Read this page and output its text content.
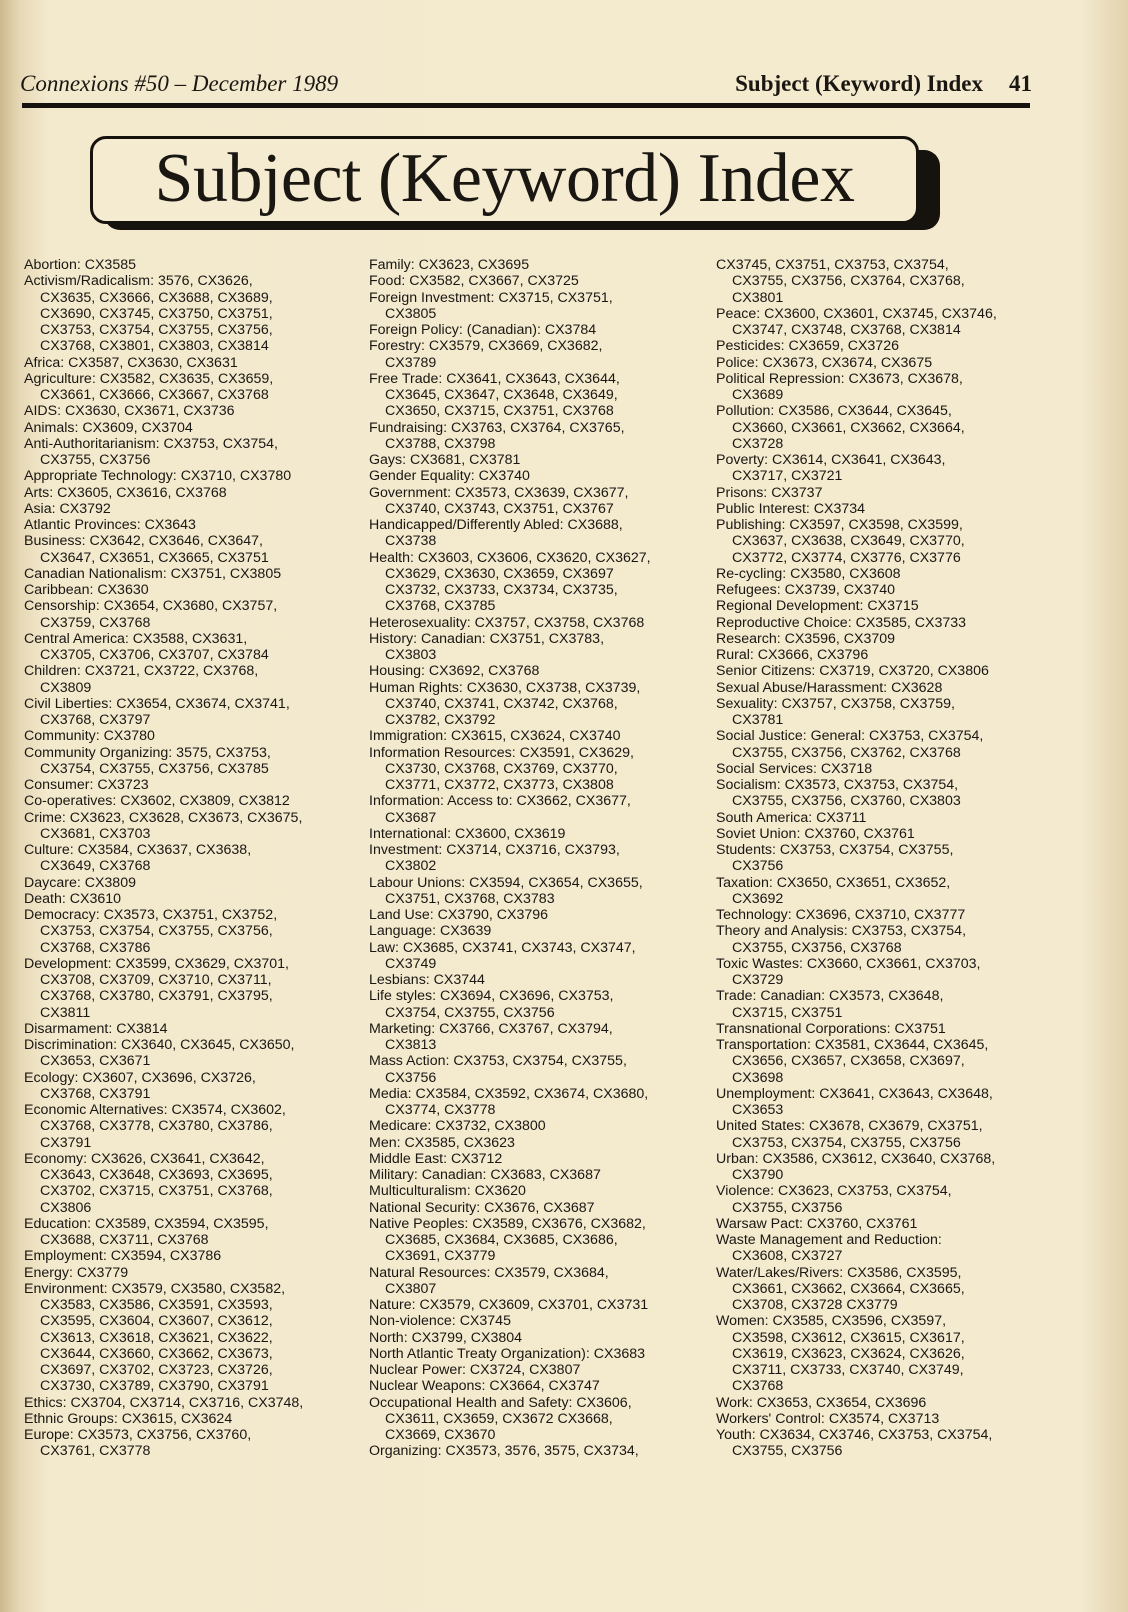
Connexions #50 – December 1989	Subject (Keyword) Index 41
Subject (Keyword) Index
Abortion: CX3585
Activism/Radicalism: 3576, CX3626,
CX3635, CX3666, CX3688, CX3689,
CX3690, CX3745, CX3750, CX3751,
CX3753, CX3754, CX3755, CX3756,
CX3768, CX3801, CX3803, CX3814
Africa: CX3587, CX3630, CX3631
Agriculture: CX3582, CX3635, CX3659,
CX3661, CX3666, CX3667, CX3768
AIDS: CX3630, CX3671, CX3736
Animals: CX3609, CX3704
Anti-Authoritarianism: CX3753, CX3754,
CX3755, CX3756
Appropriate Technology: CX3710, CX3780
Arts: CX3605, CX3616, CX3768
Asia: CX3792
Atlantic Provinces: CX3643
Business: CX3642, CX3646, CX3647,
CX3647, CX3651, CX3665, CX3751
Canadian Nationalism: CX3751, CX3805
Caribbean: CX3630
Censorship: CX3654, CX3680, CX3757,
CX3759, CX3768
Central America: CX3588, CX3631,
CX3705, CX3706, CX3707, CX3784
Children: CX3721, CX3722, CX3768,
CX3809
Civil Liberties: CX3654, CX3674, CX3741,
CX3768, CX3797
Community: CX3780
Community Organizing: 3575, CX3753,
CX3754, CX3755, CX3756, CX3785
Consumer: CX3723
Co-operatives: CX3602, CX3809, CX3812
Crime: CX3623, CX3628, CX3673, CX3675,
CX3681, CX3703
Culture: CX3584, CX3637, CX3638,
CX3649, CX3768
Daycare: CX3809
Death: CX3610
Democracy: CX3573, CX3751, CX3752,
CX3753, CX3754, CX3755, CX3756,
CX3768, CX3786
Development: CX3599, CX3629, CX3701,
CX3708, CX3709, CX3710, CX3711,
CX3768, CX3780, CX3791, CX3795,
CX3811
Disarmament: CX3814
Discrimination: CX3640, CX3645, CX3650,
CX3653, CX3671
Ecology: CX3607, CX3696, CX3726,
CX3768, CX3791
Economic Alternatives: CX3574, CX3602,
CX3768, CX3778, CX3780, CX3786,
CX3791
Economy: CX3626, CX3641, CX3642,
CX3643, CX3648, CX3693, CX3695,
CX3702, CX3715, CX3751, CX3768,
CX3806
Education: CX3589, CX3594, CX3595,
CX3688, CX3711, CX3768
Employment: CX3594, CX3786
Energy: CX3779
Environment: CX3579, CX3580, CX3582,
CX3583, CX3586, CX3591, CX3593,
CX3595, CX3604, CX3607, CX3612,
CX3613, CX3618, CX3621, CX3622,
CX3644, CX3660, CX3662, CX3673,
CX3697, CX3702, CX3723, CX3726,
CX3730, CX3789, CX3790, CX3791
Ethics: CX3704, CX3714, CX3716, CX3748,
Ethnic Groups: CX3615, CX3624
Europe: CX3573, CX3756, CX3760,
CX3761, CX3778
Family: CX3623, CX3695
Food: CX3582, CX3667, CX3725
Foreign Investment: CX3715, CX3751,
CX3805
Foreign Policy: (Canadian): CX3784
Forestry: CX3579, CX3669, CX3682,
CX3789
Free Trade: CX3641, CX3643, CX3644,
CX3645, CX3647, CX3648, CX3649,
CX3650, CX3715, CX3751, CX3768
Fundraising: CX3763, CX3764, CX3765,
CX3788, CX3798
Gays: CX3681, CX3781
Gender Equality: CX3740
Government: CX3573, CX3639, CX3677,
CX3740, CX3743, CX3751, CX3767
Handicapped/Differently Abled: CX3688,
CX3738
Health: CX3603, CX3606, CX3620, CX3627,
CX3629, CX3630, CX3659, CX3697
CX3732, CX3733, CX3734, CX3735,
CX3768, CX3785
Heterosexuality: CX3757, CX3758, CX3768
History: Canadian: CX3751, CX3783,
CX3803
Housing: CX3692, CX3768
Human Rights: CX3630, CX3738, CX3739,
CX3740, CX3741, CX3742, CX3768,
CX3782, CX3792
Immigration: CX3615, CX3624, CX3740
Information Resources: CX3591, CX3629,
CX3730, CX3768, CX3769, CX3770,
CX3771, CX3772, CX3773, CX3808
Information: Access to: CX3662, CX3677,
CX3687
International: CX3600, CX3619
Investment: CX3714, CX3716, CX3793,
CX3802
Labour Unions: CX3594, CX3654, CX3655,
CX3751, CX3768, CX3783
Land Use: CX3790, CX3796
Language: CX3639
Law: CX3685, CX3741, CX3743, CX3747,
CX3749
Lesbians: CX3744
Life styles: CX3694, CX3696, CX3753,
CX3754, CX3755, CX3756
Marketing: CX3766, CX3767, CX3794,
CX3813
Mass Action: CX3753, CX3754, CX3755,
CX3756
Media: CX3584, CX3592, CX3674, CX3680,
CX3774, CX3778
Medicare: CX3732, CX3800
Men: CX3585, CX3623
Middle East: CX3712
Military: Canadian: CX3683, CX3687
Multiculturalism: CX3620
National Security: CX3676, CX3687
Native Peoples: CX3589, CX3676, CX3682,
CX3685, CX3684, CX3685, CX3686,
CX3691, CX3779
Natural Resources: CX3579, CX3684,
CX3807
Nature: CX3579, CX3609, CX3701, CX3731
Non-violence: CX3745
North: CX3799, CX3804
North Atlantic Treaty Organization): CX3683
Nuclear Power: CX3724, CX3807
Nuclear Weapons: CX3664, CX3747
Occupational Health and Safety: CX3606,
CX3611, CX3659, CX3672 CX3668,
CX3669, CX3670
Organizing: CX3573, 3576, 3575, CX3734,
CX3745, CX3751, CX3753, CX3754,
CX3755, CX3756, CX3764, CX3768,
CX3801
Peace: CX3600, CX3601, CX3745, CX3746,
CX3747, CX3748, CX3768, CX3814
Pesticides: CX3659, CX3726
Police: CX3673, CX3674, CX3675
Political Repression: CX3673, CX3678,
CX3689
Pollution: CX3586, CX3644, CX3645,
CX3660, CX3661, CX3662, CX3664,
CX3728
Poverty: CX3614, CX3641, CX3643,
CX3717, CX3721
Prisons: CX3737
Public Interest: CX3734
Publishing: CX3597, CX3598, CX3599,
CX3637, CX3638, CX3649, CX3770,
CX3772, CX3774, CX3776, CX3776
Re-cycling: CX3580, CX3608
Refugees: CX3739, CX3740
Regional Development: CX3715
Reproductive Choice: CX3585, CX3733
Research: CX3596, CX3709
Rural: CX3666, CX3796
Senior Citizens: CX3719, CX3720, CX3806
Sexual Abuse/Harassment: CX3628
Sexuality: CX3757, CX3758, CX3759,
CX3781
Social Justice: General: CX3753, CX3754,
CX3755, CX3756, CX3762, CX3768
Social Services: CX3718
Socialism: CX3573, CX3753, CX3754,
CX3755, CX3756, CX3760, CX3803
South America: CX3711
Soviet Union: CX3760, CX3761
Students: CX3753, CX3754, CX3755,
CX3756
Taxation: CX3650, CX3651, CX3652,
CX3692
Technology: CX3696, CX3710, CX3777
Theory and Analysis: CX3753, CX3754,
CX3755, CX3756, CX3768
Toxic Wastes: CX3660, CX3661, CX3703,
CX3729
Trade: Canadian: CX3573, CX3648,
CX3715, CX3751
Transnational Corporations: CX3751
Transportation: CX3581, CX3644, CX3645,
CX3656, CX3657, CX3658, CX3697,
CX3698
Unemployment: CX3641, CX3643, CX3648,
CX3653
United States: CX3678, CX3679, CX3751,
CX3753, CX3754, CX3755, CX3756
Urban: CX3586, CX3612, CX3640, CX3768,
CX3790
Violence: CX3623, CX3753, CX3754,
CX3755, CX3756
Warsaw Pact: CX3760, CX3761
Waste Management and Reduction:
CX3608, CX3727
Water/Lakes/Rivers: CX3586, CX3595,
CX3661, CX3662, CX3664, CX3665,
CX3708, CX3728 CX3779
Women: CX3585, CX3596, CX3597,
CX3598, CX3612, CX3615, CX3617,
CX3619, CX3623, CX3624, CX3626,
CX3711, CX3733, CX3740, CX3749,
CX3768
Work: CX3653, CX3654, CX3696
Workers' Control: CX3574, CX3713
Youth: CX3634, CX3746, CX3753, CX3754,
CX3755, CX3756
